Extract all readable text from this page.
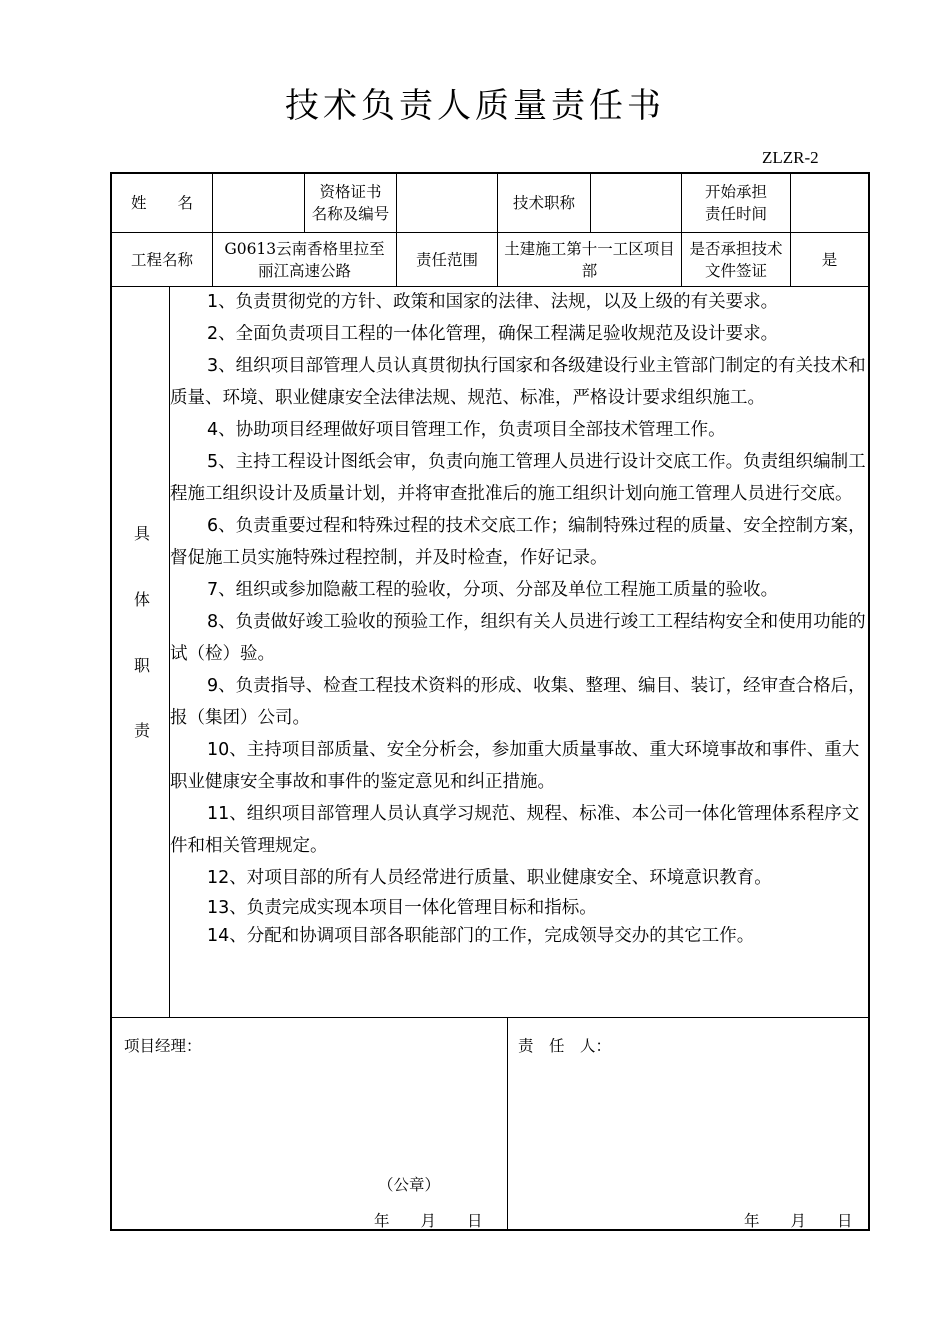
技术负责人质量责任书
ZLZR-2
姓　　名
资格证书
名称及编号
技术职称
开始承担
责任时间
工程名称
G0613云南香格里拉至丽江高速公路
责任范围
土建施工第十一工区项目部
是否承担技术文件签证
是
具
体
职
责

1、负责贯彻党的方针、政策和国家的法律、法规，以及上级的有关要求。

2、全面负责项目工程的一体化管理，确保工程满足验收规范及设计要求。

3、组织项目部管理人员认真贯彻执行国家和各级建设行业主管部门制定的有关技术和质量、环境、职业健康安全法律法规、规范、标准，严格设计要求组织施工。

4、协助项目经理做好项目管理工作，负责项目全部技术管理工作。

5、主持工程设计图纸会审，负责向施工管理人员进行设计交底工作。负责组织编制工程施工组织设计及质量计划，并将审查批准后的施工组织计划向施工管理人员进行交底。

6、负责重要过程和特殊过程的技术交底工作；编制特殊过程的质量、安全控制方案，督促施工员实施特殊过程控制，并及时检查，作好记录。

7、组织或参加隐蔽工程的验收，分项、分部及单位工程施工质量的验收。

8、负责做好竣工验收的预验工作，组织有关人员进行竣工工程结构安全和使用功能的试（检）验。

9、负责指导、检查工程技术资料的形成、收集、整理、编目、装订，经审查合格后，报（集团）公司。

10、主持项目部质量、安全分析会，参加重大质量事故、重大环境事故和事件、重大职业健康安全事故和事件的鉴定意见和纠正措施。

11、组织项目部管理人员认真学习规范、规程、标准、本公司一体化管理体系程序文件和相关管理规定。

12、对项目部的所有人员经常进行质量、职业健康安全、环境意识教育。

13、负责完成实现本项目一体化管理目标和指标。

14、分配和协调项目部各职能部门的工作，完成领导交办的其它工作。

项目经理：	责　任　人：
（公章）
年　　月　　日	年　　月　　日
